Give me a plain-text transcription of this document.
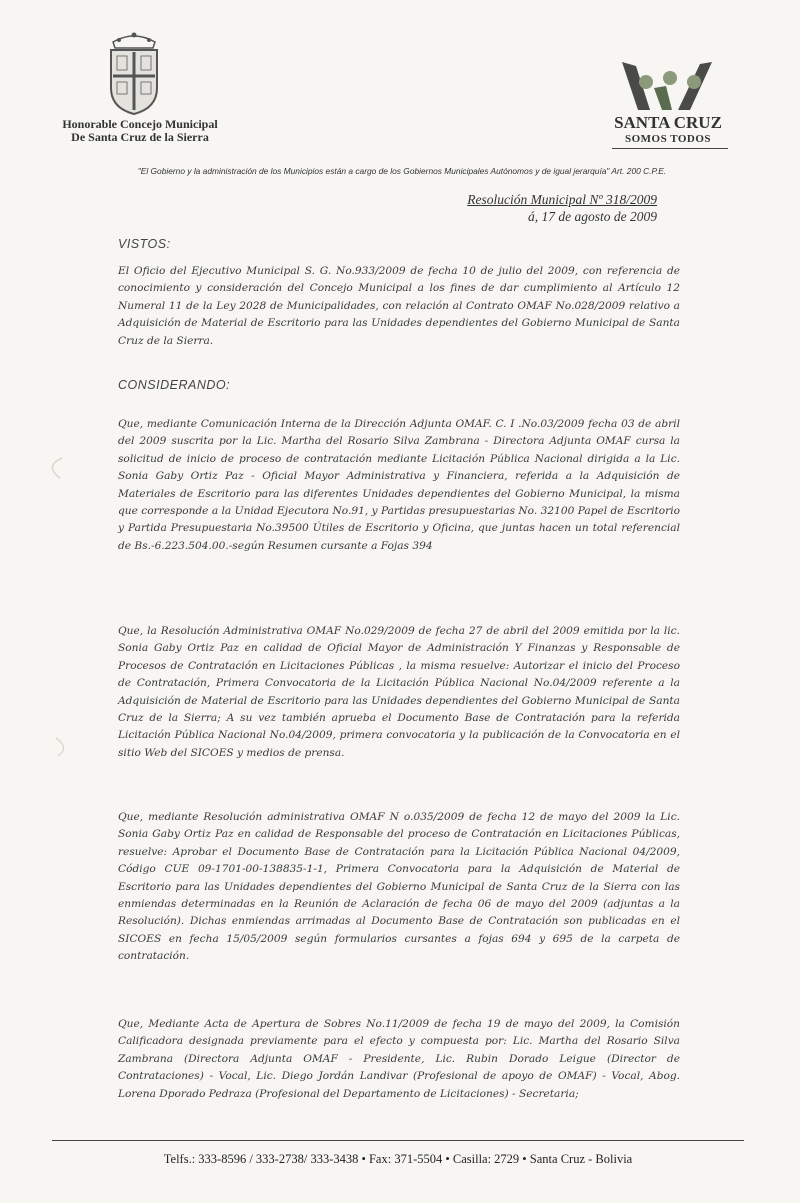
Honorable Concejo Municipal
De Santa Cruz de la Sierra
SANTA CRUZ
SOMOS TODOS
"El Gobierno y la administración de los Municipios están a cargo de los Gobiernos Municipales Autónomos y de igual jerarquía" Art. 200 C.P.E.
Resolución Municipal Nº 318/2009
á, 17 de agosto de 2009
VISTOS:

El Oficio del Ejecutivo Municipal S. G. No.933/2009 de fecha 10 de julio del 2009, con referencia de conocimiento y consideración del Concejo Municipal a los fines de dar cumplimiento al Artículo 12 Numeral 11 de la Ley 2028 de Municipalidades, con relación al Contrato OMAF No.028/2009 relativo a Adquisición de Material de Escritorio para las Unidades dependientes del Gobierno Municipal de Santa Cruz de la Sierra.

CONSIDERANDO:

Que, mediante Comunicación Interna de la Dirección Adjunta OMAF. C. I .No.03/2009 fecha 03 de abril del 2009 suscrita por la Lic. Martha del Rosario Silva Zambrana - Directora Adjunta OMAF cursa la solicitud de inicio de proceso de contratación mediante Licitación Pública Nacional dirigida a la Lic. Sonia Gaby Ortiz Paz - Oficial Mayor Administrativa y Financiera, referida a la Adquisición de Materiales de Escritorio para las diferentes Unidades dependientes del Gobierno Municipal, la misma que corresponde a la Unidad Ejecutora No.91, y Partidas presupuestarias No. 32100 Papel de Escritorio y Partida Presupuestaria No.39500 Útiles de Escritorio y Oficina, que juntas hacen un total referencial de Bs.-6.223.504.00.-según Resumen cursante a Fojas 394

Que, la Resolución Administrativa OMAF No.029/2009 de fecha 27 de abril del 2009 emitida por la lic. Sonia Gaby Ortiz Paz en calidad de Oficial Mayor de Administración Y Finanzas y Responsable de Procesos de Contratación en Licitaciones Públicas , la misma resuelve: Autorizar el inicio del Proceso de Contratación, Primera Convocatoria de la Licitación Pública Nacional No.04/2009 referente a la Adquisición de Material de Escritorio para las Unidades dependientes del Gobierno Municipal de Santa Cruz de la Sierra; A su vez también aprueba el Documento Base de Contratación para la referida Licitación Pública Nacional No.04/2009, primera convocatoria y la publicación de la Convocatoria en el sitio Web del SICOES y medios de prensa.

Que, mediante Resolución administrativa OMAF N o.035/2009 de fecha 12 de mayo del 2009 la Lic. Sonia Gaby Ortiz Paz en calidad de Responsable del proceso de Contratación en Licitaciones Públicas, resuelve: Aprobar el Documento Base de Contratación para la Licitación Pública Nacional 04/2009, Código CUE 09-1701-00-138835-1-1, Primera Convocatoria para la Adquisición de Material de Escritorio para las Unidades dependientes del Gobierno Municipal de Santa Cruz de la Sierra con las enmiendas determinadas en la Reunión de Aclaración de fecha 06 de mayo del 2009 (adjuntas a la Resolución). Dichas enmiendas arrimadas al Documento Base de Contratación son publicadas en el SICOES en fecha 15/05/2009 según formularios cursantes a fojas 694 y 695 de la carpeta de contratación.

Que, Mediante Acta de Apertura de Sobres No.11/2009 de fecha 19 de mayo del 2009, la Comisión Calificadora designada previamente para el efecto y compuesta por: Lic. Martha del Rosario Silva Zambrana (Directora Adjunta OMAF - Presidente, Lic. Rubin Dorado Leigue (Director de Contrataciones) - Vocal, Lic. Diego Jordán Landivar (Profesional de apoyo de OMAF) - Vocal, Abog. Lorena Dporado Pedraza (Profesional del Departamento de Licitaciones) - Secretaria;

Telfs.: 333-8596 / 333-2738/ 333-3438 • Fax: 371-5504 • Casilla: 2729 • Santa Cruz - Bolivia
